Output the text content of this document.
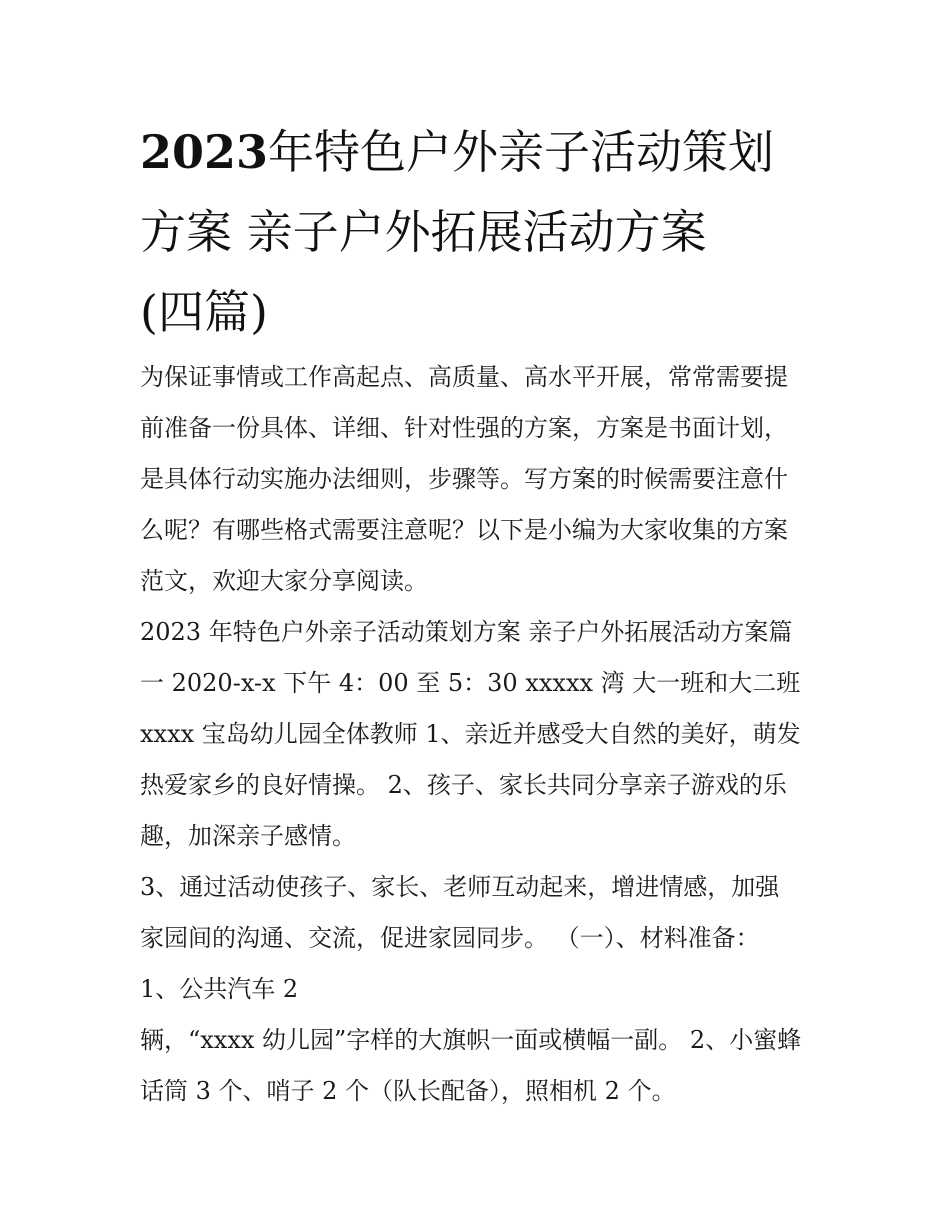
2023年特色户外亲子活动策划
方案 亲子户外拓展活动方案
(四篇)

为保证事情或工作高起点、高质量、高水平开展，常常需要提
前准备一份具体、详细、针对性强的方案，方案是书面计划，
是具体行动实施办法细则，步骤等。写方案的时候需要注意什
么呢？有哪些格式需要注意呢？以下是小编为大家收集的方案
范文，欢迎大家分享阅读。

2023 年特色户外亲子活动策划方案 亲子户外拓展活动方案篇
一 2020-x-x 下午 4：00 至 5：30 xxxxx 湾 大一班和大二班
xxxx 宝岛幼儿园全体教师 1、亲近并感受大自然的美好，萌发
热爱家乡的良好情操。 2、孩子、家长共同分享亲子游戏的乐
趣，加深亲子感情。

3、通过活动使孩子、家长、老师互动起来，增进情感，加强
家园间的沟通、交流，促进家园同步。 （一）、材料准备：

1、公共汽车 2

辆，“xxxx 幼儿园”字样的大旗帜一面或横幅一副。 2、小蜜蜂
话筒 3 个、哨子 2 个（队长配备），照相机 2 个。
